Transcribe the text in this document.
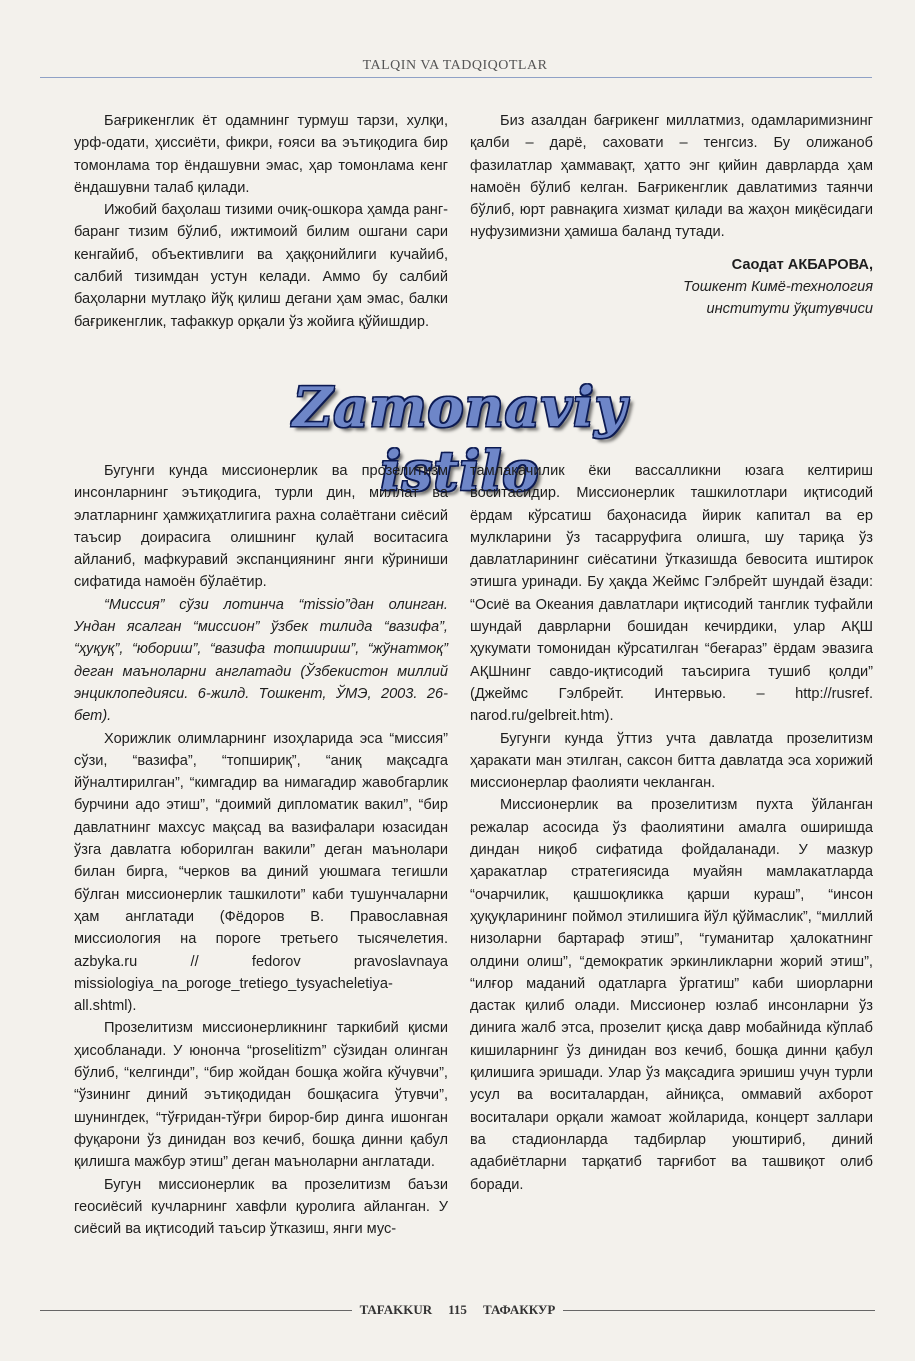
TALQIN VA TADQIQOTLAR

Бағрикенглик ёт одамнинг турмуш тарзи, хулқи, урф-одати, ҳиссиёти, фикри, ғояси ва эътиқодига бир томонлама тор ёндашувни эмас, ҳар томонлама кенг ёндашувни талаб қилади.

Ижобий баҳолаш тизими очиқ-ошкора ҳамда ранг-баранг тизим бўлиб, ижтимоий билим ошгани сари кенгайиб, объективлиги ва ҳаққонийлиги кучайиб, салбий тизимдан устун келади. Аммо бу салбий баҳоларни мутлақо йўқ қилиш дегани ҳам эмас, балки бағрикенглик, тафаккур орқали ўз жойига қўйишдир.

Биз азалдан бағрикенг миллатмиз, одамларимизнинг қалби – дарё, саховати – тенгсиз. Бу олижаноб фазилатлар ҳаммавақт, ҳатто энг қийин даврларда ҳам намоён бўлиб келган. Бағрикенглик давлатимиз таянчи бўлиб, юрт равнақига хизмат қилади ва жаҳон миқёсидаги нуфузимизни ҳамиша баланд тутади.

Саодат АКБАРОВА,

Тошкент Кимё-технология

институти ўқитувчиси

Zamonaviy istilo

Бугунги кунда миссионерлик ва прозелитизм инсонларнинг эътиқодига, турли дин, миллат ва элатларнинг ҳамжиҳатлигига рахна солаётгани сиёсий таъсир доирасига олишнинг қулай воситасига айланиб, мафкуравий экспанциянинг янги кўриниши сифатида намоён бўлаётир.

“Миссия” сўзи лотинча “missio”дан олинган. Ундан ясалган “миссион” ўзбек тилида “вазифа”, “ҳуқуқ”, “юбориш”, “вазифа топшириш”, “жўнатмоқ” деган маъноларни англатади (Ўзбекистон миллий энциклопедияси. 6-жилд. Тошкент, ЎМЭ, 2003. 26-бет).

Хорижлик олимларнинг изоҳларида эса “миссия” сўзи, “вазифа”, “топшириқ”, “аниқ мақсадга йўналтирилган”, “кимгадир ва нимагадир жавобгарлик бурчини адо этиш”, “доимий дипломатик вакил”, “бир давлатнинг махсус мақсад ва вазифалари юзасидан ўзга давлатга юборилган вакили” деган маънолари билан бирга, “черков ва диний уюшмага тегишли бўлган миссионерлик ташкилоти” каби тушунчаларни ҳам англатади (Фёдоров В. Православная миссиология на пороге третьего тысячелетия. azbyka.ru // fedorov pravoslavnaya missiologiya_na_poroge_tretiego_tysyacheletiya-all.shtml).

Прозелитизм миссионерликнинг таркибий қисми ҳисобланади. У юнонча “proselitizm” сўзидан олинган бўлиб, “келгинди”, “бир жойдан бошқа жойга кўчувчи”, “ўзининг диний эътиқодидан бошқасига ўтувчи”, шунингдек, “тўғридан-тўғри бирор-бир динга ишонган фуқарони ўз динидан воз кечиб, бошқа динни қабул қилишга мажбур этиш” деган маъноларни англатади.

Бугун миссионерлик ва прозелитизм баъзи геосиёсий кучларнинг хавфли қуролига айланган. У сиёсий ва иқтисодий таъсир ўтказиш, янги мус-

тамлакачилик ёки вассалликни юзага келтириш воситасидир. Миссионерлик ташкилотлари иқтисодий ёрдам кўрсатиш баҳонасида йирик капитал ва ер мулкларини ўз тасарруфига олишга, шу тариқа ўз давлатларининг сиёсатини ўтказишда бевосита иштирок этишга уринади. Бу ҳақда Жеймс Гэлбрейт шундай ёзади: “Осиё ва Океания давлатлари иқтисодий танглик туфайли шундай даврларни бошидан кечирдики, улар АҚШ ҳукумати томонидан кўрсатилган “беғараз” ёрдам эвазига АҚШнинг савдо-иқтисодий таъсирига тушиб қолди” (Джеймс Гэлбрейт. Интервью. – http://rusref. narod.ru/gelbreit.htm).

Бугунги кунда ўттиз учта давлатда прозелитизм ҳаракати ман этилган, саксон битта давлатда эса хорижий миссионерлар фаолияти чекланган.

Миссионерлик ва прозелитизм пухта ўйланган режалар асосида ўз фаолиятини амалга оширишда диндан ниқоб сифатида фойдаланади. У мазкур ҳаракатлар стратегиясида муайян мамлакатларда “очарчилик, қашшоқликка қарши кураш”, “инсон ҳуқуқларининг поймол этилишига йўл қўймаслик”, “миллий низоларни бартараф этиш”, “гуманитар ҳалокатнинг олдини олиш”, “демократик эркинликларни жорий этиш”, “илғор маданий одатларга ўргатиш” каби шиорларни дастак қилиб олади. Миссионер юзлаб инсонларни ўз динига жалб этса, прозелит қисқа давр мобайнида кўплаб кишиларнинг ўз динидан воз кечиб, бошқа динни қабул қилишига эришади. Улар ўз мақсадига эришиш учун турли усул ва воситалардан, айниқса, оммавий ахборот воситалари орқали жамоат жойларида, концерт заллари ва стадионларда тадбирлар уюштириб, диний адабиётларни тарқатиб тарғибот ва ташвиқот олиб боради.

TAFAKKUR 115 ТАФАККУР
